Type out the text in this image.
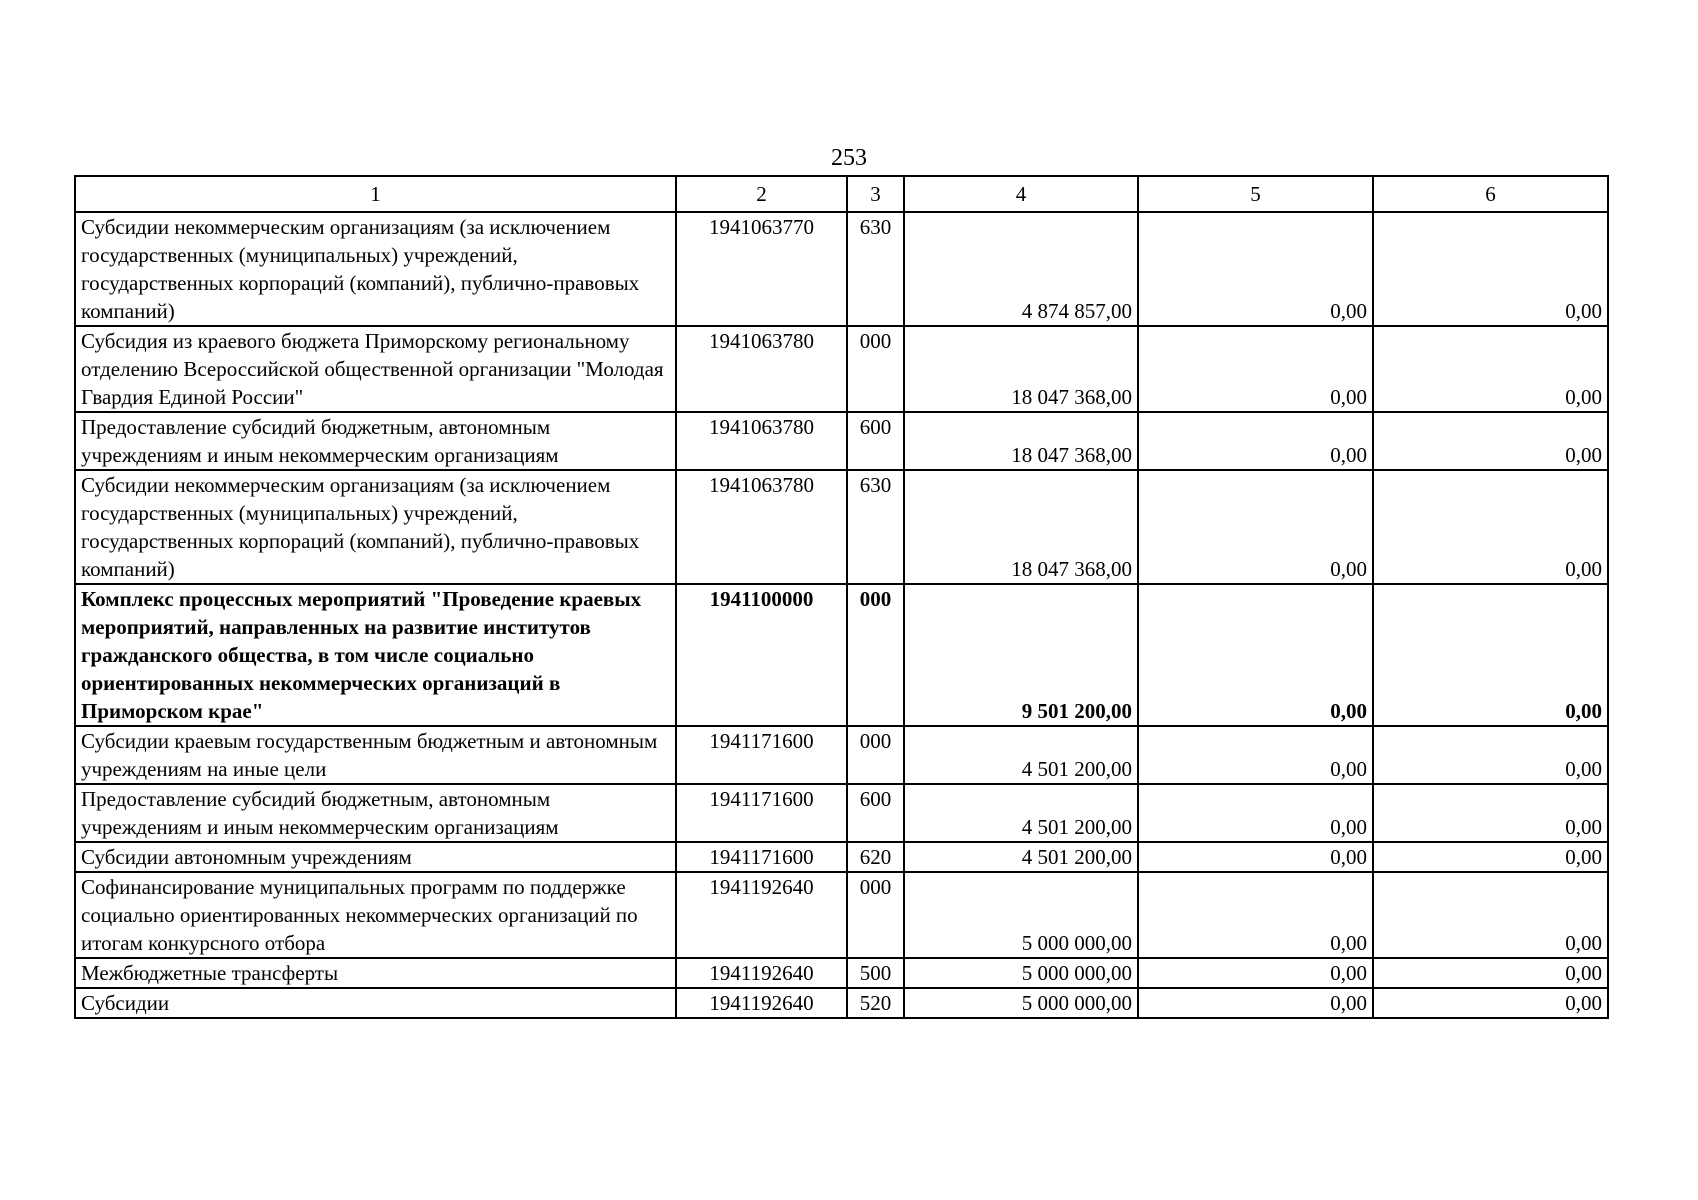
253
1	2	3	4	5	6
Субсидии некоммерческим организациям (за исключением государственных (муниципальных) учреждений, государственных корпораций (компаний), публично-правовых компаний)	1941063770	630	4 874 857,00	0,00	0,00
Субсидия из краевого бюджета Приморскому региональному отделению Всероссийской общественной организации "Молодая Гвардия Единой России"	1941063780	000	18 047 368,00	0,00	0,00
Предоставление субсидий бюджетным, автономным учреждениям и иным некоммерческим организациям	1941063780	600	18 047 368,00	0,00	0,00
Субсидии некоммерческим организациям (за исключением государственных (муниципальных) учреждений, государственных корпораций (компаний), публично-правовых компаний)	1941063780	630	18 047 368,00	0,00	0,00
Комплекс процессных мероприятий "Проведение краевых мероприятий, направленных на развитие институтов гражданского общества, в том числе социально ориентированных некоммерческих организаций в Приморском крае"	1941100000	000	9 501 200,00	0,00	0,00
Субсидии краевым государственным бюджетным и автономным учреждениям на иные цели	1941171600	000	4 501 200,00	0,00	0,00
Предоставление субсидий бюджетным, автономным учреждениям и иным некоммерческим организациям	1941171600	600	4 501 200,00	0,00	0,00
Субсидии автономным учреждениям	1941171600	620	4 501 200,00	0,00	0,00
Софинансирование муниципальных программ по поддержке социально ориентированных некоммерческих организаций по итогам конкурсного отбора	1941192640	000	5 000 000,00	0,00	0,00
Межбюджетные трансферты	1941192640	500	5 000 000,00	0,00	0,00
Субсидии	1941192640	520	5 000 000,00	0,00	0,00
